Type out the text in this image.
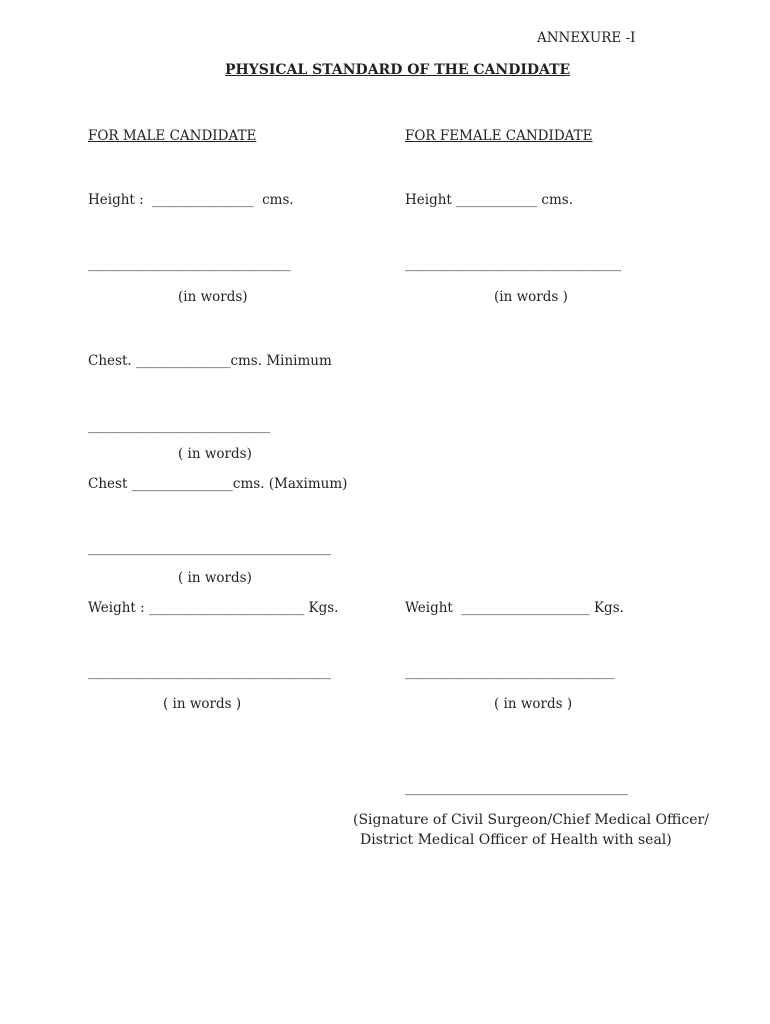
ANNEXURE -I
PHYSICAL STANDARD OF THE CANDIDATE
FOR MALE CANDIDATE
Height :  _______________  cms.
______________________________
(in words)
Chest. ______________cms. Minimum
___________________________
( in words)
Chest _______________cms. (Maximum)
____________________________________
( in words)
Weight : _______________________ Kgs.
____________________________________
( in words )
FOR FEMALE CANDIDATE
Height ____________ cms.
________________________________
(in words )
Weight  ___________________ Kgs.
_______________________________
( in words )
_________________________________
(Signature of Civil Surgeon/Chief Medical Officer/
District Medical Officer of Health with seal)
